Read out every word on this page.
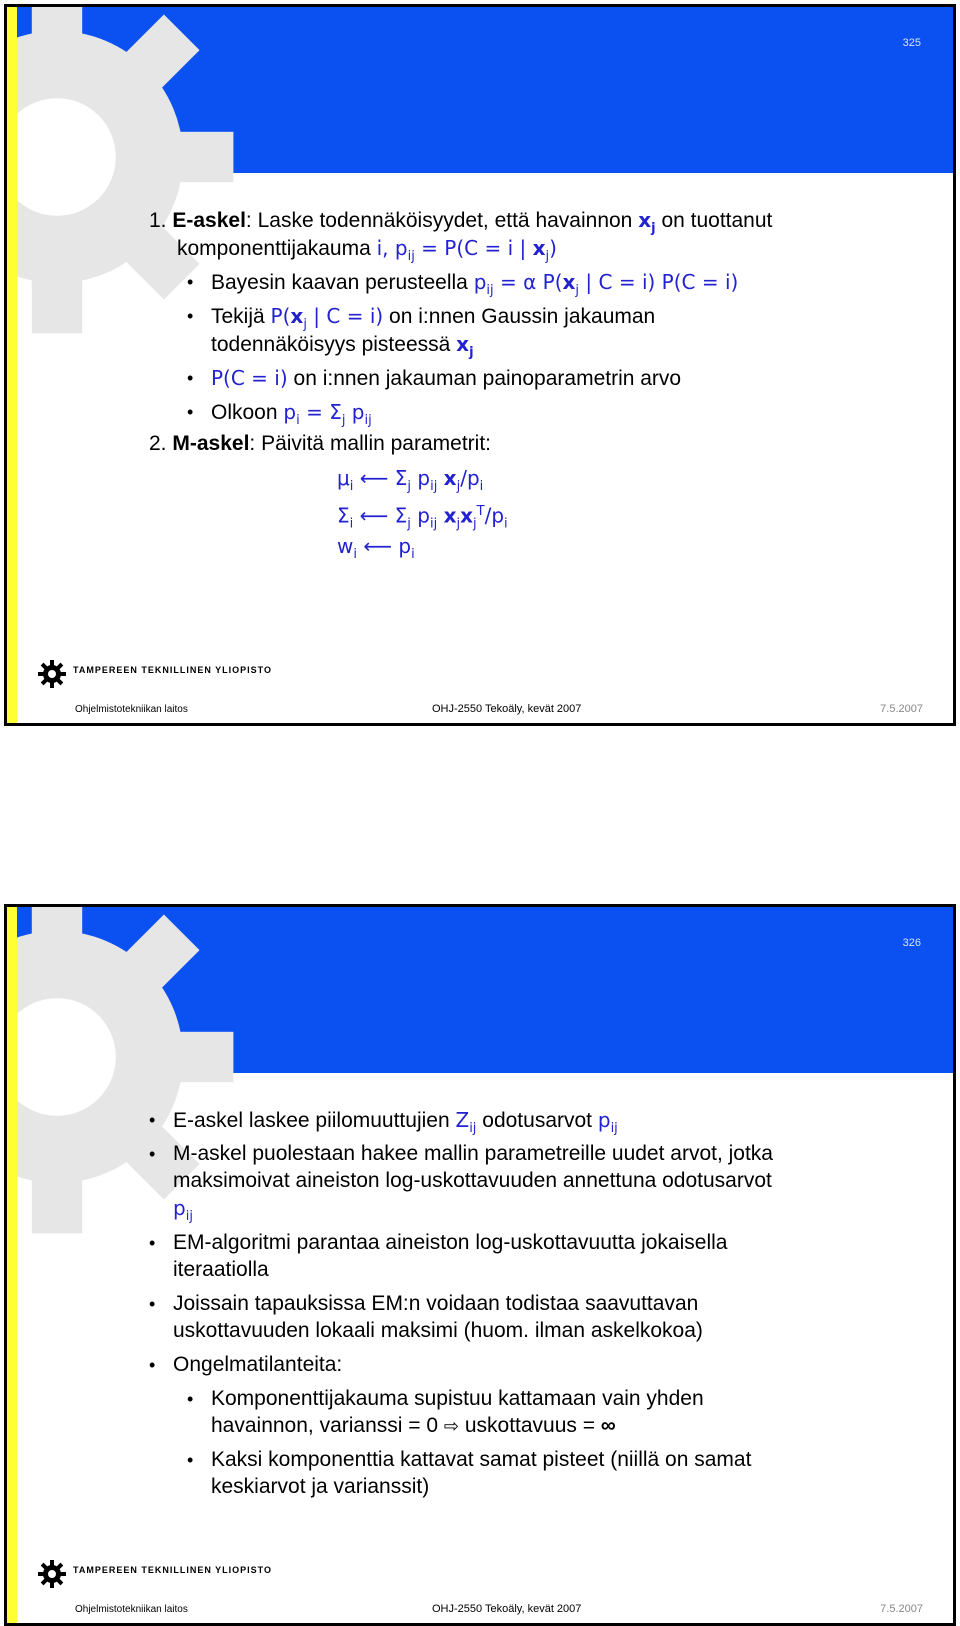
325
1. E-askel: Laske todennäköisyydet, että havainnon $x_j$ on tuottanut
komponenttijakauma i, $p_{ij} = P(C = i$ | $x_j$)
• Bayesin kaavan perusteella $p_{ij} = \alpha$ $P(x_j$ | C = i) P(C = i)
• Tekijä $P(x_j$ | C = i) on i:nnen Gaussin jakauman
todennäköisyys pisteessä $x_j$
• P(C = i) on i:nnen jakauman painoparametrin arvo
• Olkoon $p_i = \Sigma_j$ $p_{ij}$
2. M-askel: Päivitä mallin parametrit:
$\mu_i$ ⟵ $\Sigma_j$ $p_{ij}$ $x_j/p_i$
$\Sigma_i$ ⟵ $\Sigma_j$ $p_{ij}$ $x_jx_j^T/p_i$
$w_i$ ⟵ $p_i$
TAMPEREEN TEKNILLINEN YLIOPISTO
Ohjelmistotekniikan laitos	OHJ-2550 Tekoäly, kevät 2007	7.5.2007
326
• E-askel laskee piilomuuttujien $Z_{ij}$ odotusarvot $p_{ij}$
• M-askel puolestaan hakee mallin parametreille uudet arvot, jotka
maksimoivat aineiston log-uskottavuuden annettuna odotusarvot
$p_{ij}$
• EM-algoritmi parantaa aineiston log-uskottavuutta jokaisella
iteraatiolla
• Joissain tapauksissa EM:n voidaan todistaa saavuttavan
uskottavuuden lokaali maksimi (huom. ilman askelkokoa)
• Ongelmatilanteita:
• Komponenttijakauma supistuu kattamaan vain yhden
havainnon, varianssi = 0 ⇨ uskottavuus = ∞
• Kaksi komponenttia kattavat samat pisteet (niillä on samat
keskiarvot ja varianssit)
TAMPEREEN TEKNILLINEN YLIOPISTO
Ohjelmistotekniikan laitos	OHJ-2550 Tekoäly, kevät 2007	7.5.2007
